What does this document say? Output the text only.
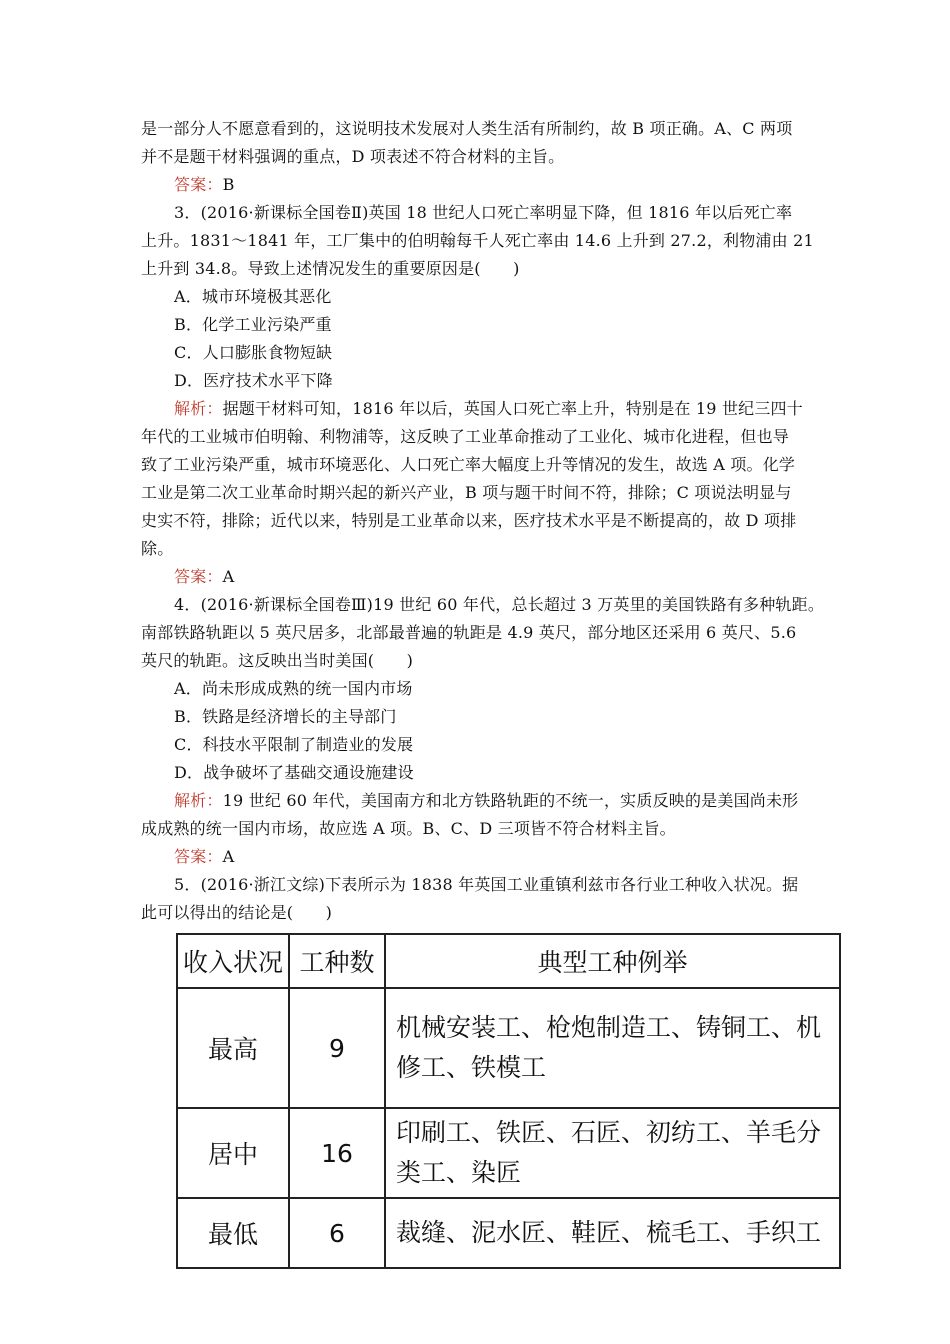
是一部分人不愿意看到的，这说明技术发展对人类生活有所制约，故 B 项正确。A、C 两项
并不是题干材料强调的重点，D 项表述不符合材料的主旨。
答案：B
3．(2016·新课标全国卷Ⅱ)英国 18 世纪人口死亡率明显下降，但 1816 年以后死亡率
上升。1831～1841 年，工厂集中的伯明翰每千人死亡率由 14.6 上升到 27.2，利物浦由 21
上升到 34.8。导致上述情况发生的重要原因是(　　)
A．城市环境极其恶化
B．化学工业污染严重
C．人口膨胀食物短缺
D．医疗技术水平下降
解析：据题干材料可知，1816 年以后，英国人口死亡率上升，特别是在 19 世纪三四十
年代的工业城市伯明翰、利物浦等，这反映了工业革命推动了工业化、城市化进程，但也导
致了工业污染严重，城市环境恶化、人口死亡率大幅度上升等情况的发生，故选 A 项。化学
工业是第二次工业革命时期兴起的新兴产业，B 项与题干时间不符，排除；C 项说法明显与
史实不符，排除；近代以来，特别是工业革命以来，医疗技术水平是不断提高的，故 D 项排
除。
答案：A
4．(2016·新课标全国卷Ⅲ)19 世纪 60 年代，总长超过 3 万英里的美国铁路有多种轨距。
南部铁路轨距以 5 英尺居多，北部最普遍的轨距是 4.9 英尺，部分地区还采用 6 英尺、5.6
英尺的轨距。这反映出当时美国(　　)
A．尚未形成成熟的统一国内市场
B．铁路是经济增长的主导部门
C．科技水平限制了制造业的发展
D．战争破坏了基础交通设施建设
解析：19 世纪 60 年代，美国南方和北方铁路轨距的不统一，实质反映的是美国尚未形
成成熟的统一国内市场，故应选 A 项。B、C、D 三项皆不符合材料主旨。
答案：A
5．(2016·浙江文综)下表所示为 1838 年英国工业重镇利兹市各行业工种收入状况。据
此可以得出的结论是(　　)
收入状况	工种数	典型工种例举
最高	9	机械安装工、枪炮制造工、铸铜工、机修工、铁模工
居中	16	印刷工、铁匠、石匠、初纺工、羊毛分类工、染匠
最低	6	裁缝、泥水匠、鞋匠、梳毛工、手织工
